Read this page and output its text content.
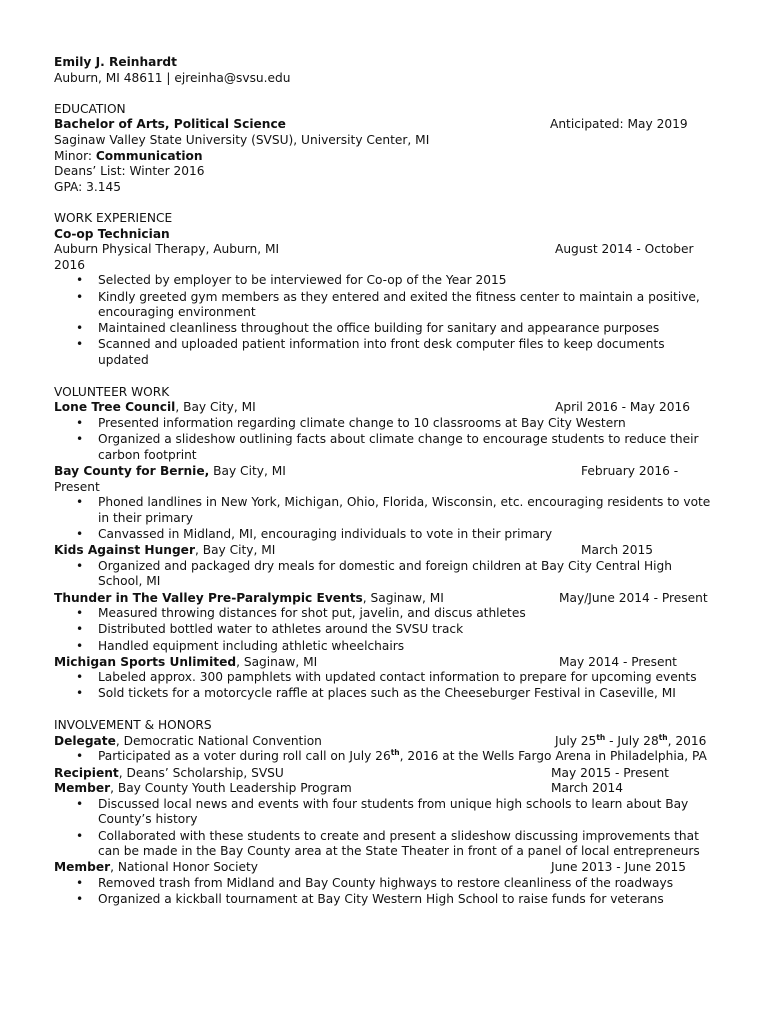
Emily J. Reinhardt
Auburn, MI 48611 | ejreinha@svsu.edu
EDUCATION
Bachelor of Arts, Political Science	Anticipated: May 2019
Saginaw Valley State University (SVSU), University Center, MI
Minor: Communication
Deans’ List: Winter 2016
GPA: 3.145
WORK EXPERIENCE
Co-op Technician
Auburn Physical Therapy, Auburn, MI	August 2014 - October
2016
• Selected by employer to be interviewed for Co-op of the Year 2015
• Kindly greeted gym members as they entered and exited the fitness center to maintain a positive, encouraging environment
• Maintained cleanliness throughout the office building for sanitary and appearance purposes
• Scanned and uploaded patient information into front desk computer files to keep documents updated
VOLUNTEER WORK
Lone Tree Council, Bay City, MI	April 2016 - May 2016
• Presented information regarding climate change to 10 classrooms at Bay City Western
• Organized a slideshow outlining facts about climate change to encourage students to reduce their carbon footprint
Bay County for Bernie, Bay City, MI	February 2016 -
Present
• Phoned landlines in New York, Michigan, Ohio, Florida, Wisconsin, etc. encouraging residents to vote in their primary
• Canvassed in Midland, MI, encouraging individuals to vote in their primary
Kids Against Hunger, Bay City, MI	March 2015
• Organized and packaged dry meals for domestic and foreign children at Bay City Central High School, MI
Thunder in The Valley Pre-Paralympic Events, Saginaw, MI	May/June 2014 - Present
• Measured throwing distances for shot put, javelin, and discus athletes
• Distributed bottled water to athletes around the SVSU track
• Handled equipment including athletic wheelchairs
Michigan Sports Unlimited, Saginaw, MI	May 2014 - Present
• Labeled approx. 300 pamphlets with updated contact information to prepare for upcoming events
• Sold tickets for a motorcycle raffle at places such as the Cheeseburger Festival in Caseville, MI
INVOLVEMENT & HONORS
Delegate, Democratic National Convention	July 25th - July 28th, 2016
• Participated as a voter during roll call on July 26th, 2016 at the Wells Fargo Arena in Philadelphia, PA
Recipient, Deans’ Scholarship, SVSU	May 2015 - Present
Member, Bay County Youth Leadership Program	March 2014
• Discussed local news and events with four students from unique high schools to learn about Bay County’s history
• Collaborated with these students to create and present a slideshow discussing improvements that can be made in the Bay County area at the State Theater in front of a panel of local entrepreneurs
Member, National Honor Society	June 2013 - June 2015
• Removed trash from Midland and Bay County highways to restore cleanliness of the roadways
• Organized a kickball tournament at Bay City Western High School to raise funds for veterans
